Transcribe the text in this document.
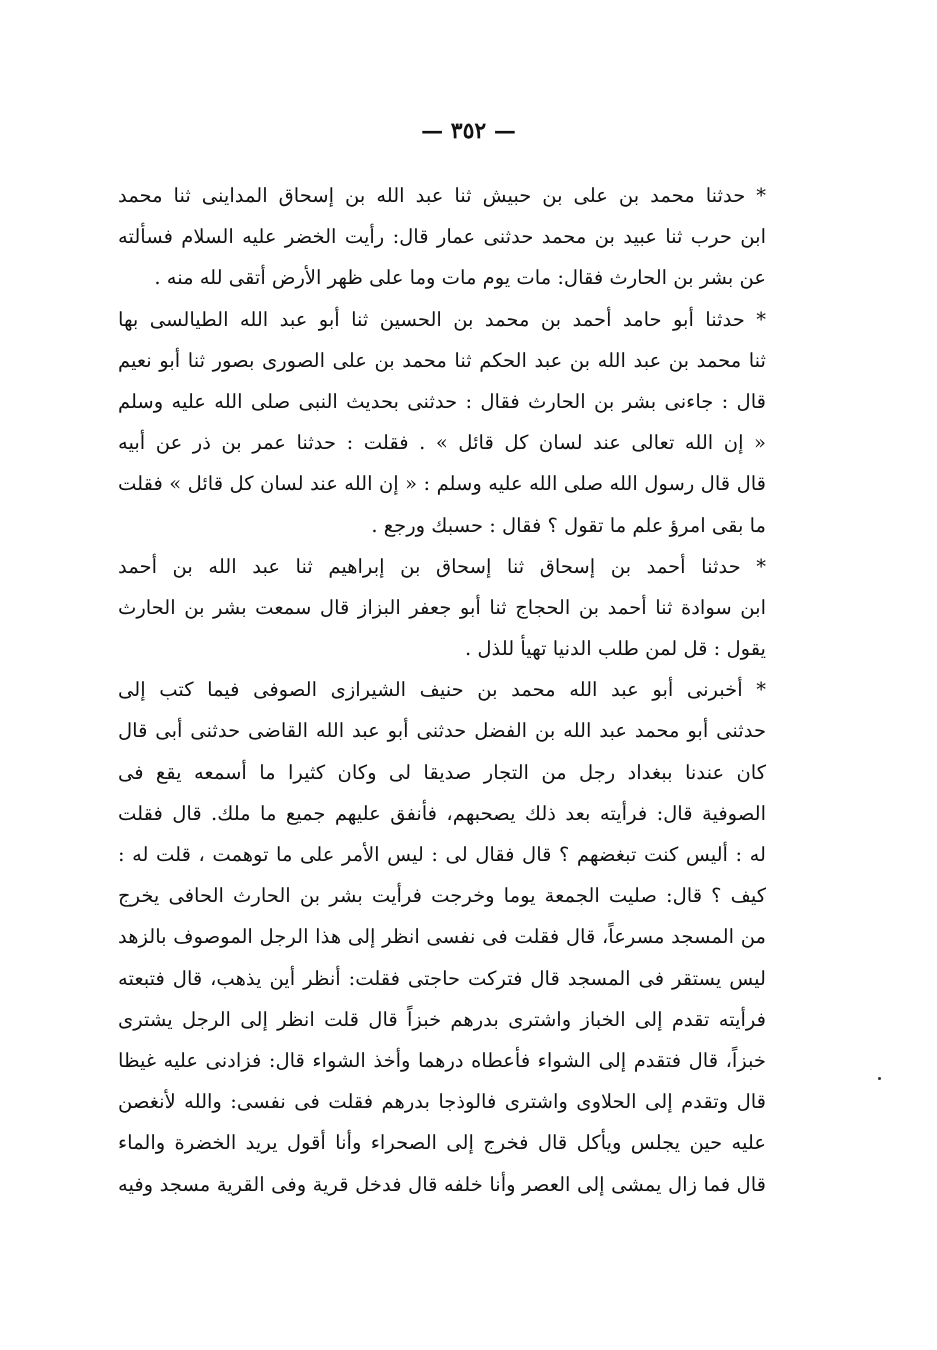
— ٣٥٢ —
* حدثنا محمد بن على بن حبيش ثنا عبد الله بن إسحاق المداينى ثنا محمد
ابن حرب ثنا عبيد بن محمد حدثنى عمار قال: رأيت الخضر عليه السلام فسألته
عن بشر بن الحارث فقال: مات يوم مات وما على ظهر الأرض أتقى لله منه .
* حدثنا أبو حامد أحمد بن محمد بن الحسين ثنا أبو عبد الله الطيالسى بها
ثنا محمد بن عبد الله بن عبد الحكم ثنا محمد بن على الصورى بصور ثنا أبو نعيم
قال : جاءنى بشر بن الحارث فقال : حدثنى بحديث النبى صلى الله عليه وسلم
« إن الله تعالى عند لسان كل قائل » . فقلت : حدثنا عمر بن ذر عن أبيه
قال قال رسول الله صلى الله عليه وسلم : « إن الله عند لسان كل قائل » فقلت
ما بقى امرؤ علم ما تقول ؟ فقال : حسبك ورجع .
* حدثنا أحمد بن إسحاق ثنا إسحاق بن إبراهيم ثنا عبد الله بن أحمد
ابن سوادة ثنا أحمد بن الحجاج ثنا أبو جعفر البزاز قال سمعت بشر بن الحارث
يقول : قل لمن طلب الدنيا تهيأ للذل .
* أخبرنى أبو عبد الله محمد بن حنيف الشيرازى الصوفى فيما كتب إلى
حدثنى أبو محمد عبد الله بن الفضل حدثنى أبو عبد الله القاضى حدثنى أبى قال
كان عندنا ببغداد رجل من التجار صديقا لى وكان كثيرا ما أسمعه يقع فى
الصوفية قال: فرأيته بعد ذلك يصحبهم، فأنفق عليهم جميع ما ملك. قال فقلت
له : أليس كنت تبغضهم ؟ قال فقال لى : ليس الأمر على ما توهمت ، قلت له :
كيف ؟ قال: صليت الجمعة يوما وخرجت فرأيت بشر بن الحارث الحافى يخرج
من المسجد مسرعاً، قال فقلت فى نفسى انظر إلى هذا الرجل الموصوف بالزهد
ليس يستقر فى المسجد قال فتركت حاجتى فقلت: أنظر أين يذهب، قال فتبعته
فرأيته تقدم إلى الخباز واشترى بدرهم خبزاً قال قلت انظر إلى الرجل يشترى
خبزاً، قال فتقدم إلى الشواء فأعطاه درهما وأخذ الشواء قال: فزادنى عليه غيظا
قال وتقدم إلى الحلاوى واشترى فالوذجا بدرهم فقلت فى نفسى: والله لأنغصن
عليه حين يجلس ويأكل قال فخرج إلى الصحراء وأنا أقول يريد الخضرة والماء
قال فما زال يمشى إلى العصر وأنا خلفه قال فدخل قرية وفى القرية مسجد وفيه
